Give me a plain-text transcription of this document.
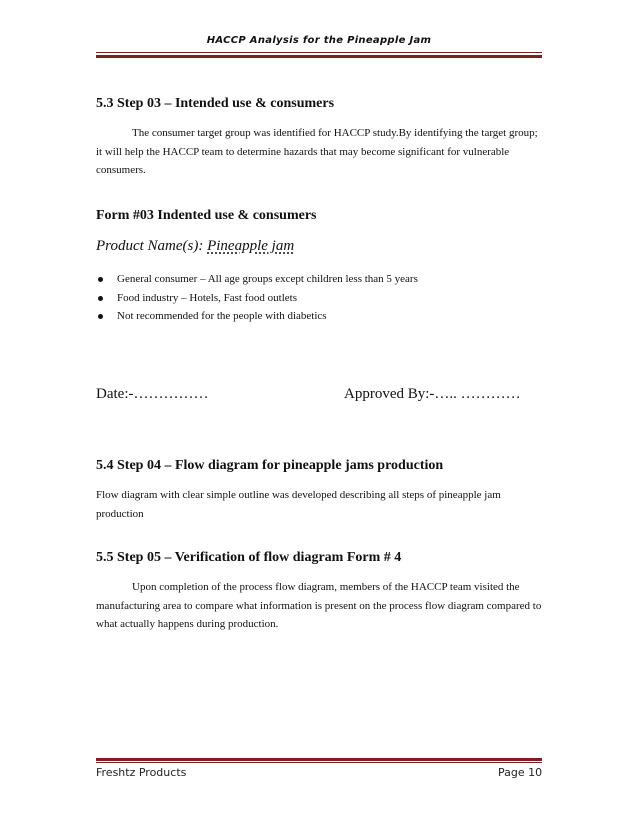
HACCP Analysis for the Pineapple Jam
5.3 Step 03 – Intended use & consumers
The consumer target group was identified for HACCP study.By identifying the target group; it will help the HACCP team to determine hazards that may become significant for vulnerable consumers.
Form #03 Indented use & consumers
Product Name(s): Pineapple jam
General consumer – All age groups except children less than 5 years
Food industry – Hotels, Fast food outlets
Not recommended for the people with diabetics
Date:-……………	Approved By:-….. …………
5.4 Step 04 – Flow diagram for pineapple jams production
Flow diagram with clear simple outline was developed describing all steps of pineapple jam production
5.5 Step 05 – Verification of flow diagram Form # 4
Upon completion of the process flow diagram, members of the HACCP team visited the manufacturing area to compare what information is present on the process flow diagram compared to what actually happens during production.
Freshtz Products	Page 10
